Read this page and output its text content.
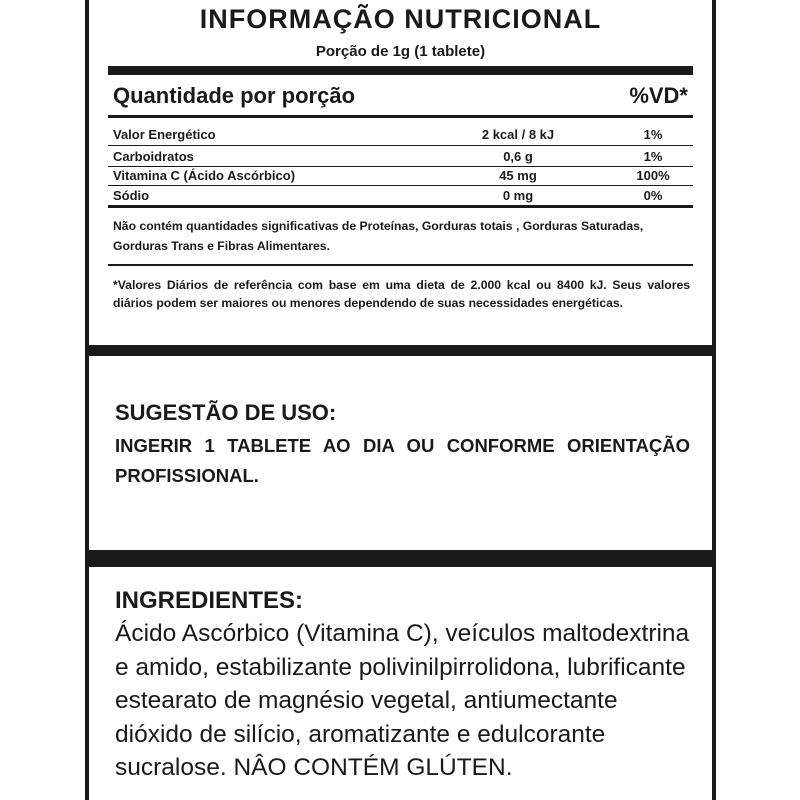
INFORMAÇÃO NUTRICIONAL
Porção de 1g (1 tablete)
Quantidade por porção	%VD*
Valor Energético	2 kcal / 8 kJ	1%
Carboidratos	0,6 g	1%
Vitamina C (Ácido Ascórbico)	45 mg	100%
Sódio	0 mg	0%
Não contém quantidades significativas de Proteínas, Gorduras totais , Gorduras Saturadas, Gorduras Trans e Fibras Alimentares.
*Valores Diários de referência com base em uma dieta de 2.000 kcal ou 8400 kJ. Seus valores diários podem ser maiores ou menores dependendo de suas necessidades energéticas.
SUGESTÃO DE USO:
INGERIR 1 TABLETE AO DIA OU CONFORME ORIENTAÇÃO PROFISSIONAL.
INGREDIENTES:
Ácido Ascórbico (Vitamina C), veículos maltodextrina e amido, estabilizante polivinilpirrolidona, lubrificante estearato de magnésio vegetal, antiumectante dióxido de silício, aromatizante e edulcorante sucralose. NÂO CONTÉM GLÚTEN.
